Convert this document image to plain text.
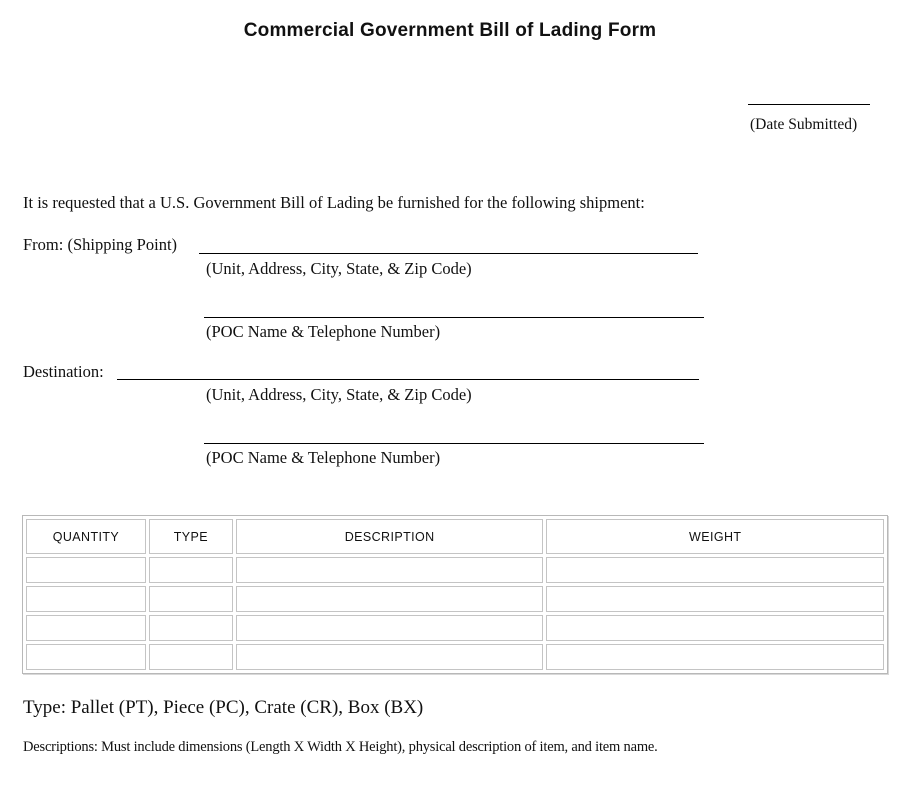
Commercial Government Bill of Lading Form
(Date Submitted)
It is requested that a U.S. Government Bill of Lading be furnished for the following shipment:
From: (Shipping Point)
(Unit, Address, City, State, & Zip Code)
(POC Name & Telephone Number)
Destination:
(Unit, Address, City, State, & Zip Code)
(POC Name & Telephone Number)
QUANTITY	TYPE	DESCRIPTION	WEIGHT

Type: Pallet (PT), Piece (PC), Crate (CR), Box (BX)
Descriptions: Must include dimensions (Length X Width X Height), physical description of item, and item name.
